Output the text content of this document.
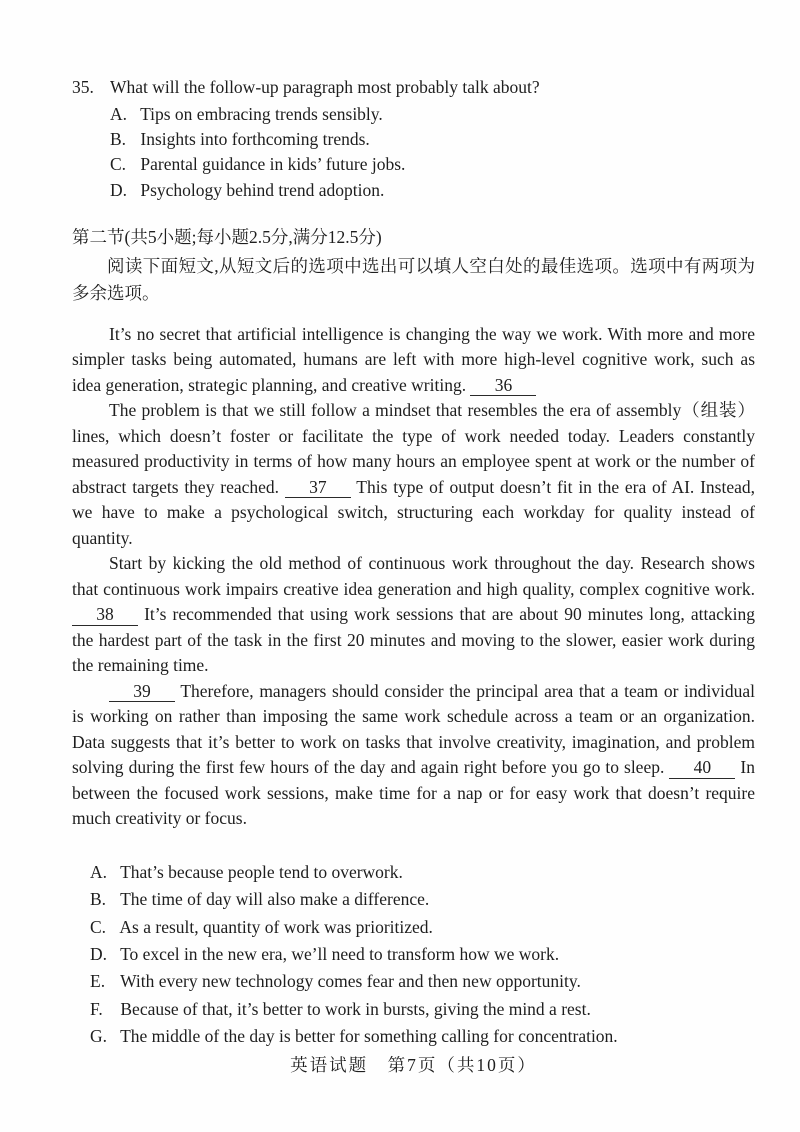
35. What will the follow-up paragraph most probably talk about?
A. Tips on embracing trends sensibly.
B. Insights into forthcoming trends.
C. Parental guidance in kids’ future jobs.
D. Psychology behind trend adoption.

第二节(共5小题;每小题2.5分,满分12.5分)

阅读下面短文,从短文后的选项中选出可以填人空白处的最佳选项。选项中有两项为多余选项。

It’s no secret that artificial intelligence is changing the way we work. With more and more simpler tasks being automated, humans are left with more high-level cognitive work, such as idea generation, strategic planning, and creative writing. 36

The problem is that we still follow a mindset that resembles the era of assembly（组装）lines, which doesn’t foster or facilitate the type of work needed today. Leaders constantly measured productivity in terms of how many hours an employee spent at work or the number of abstract targets they reached. 37 This type of output doesn’t fit in the era of AI. Instead, we have to make a psychological switch, structuring each workday for quality instead of quantity.

Start by kicking the old method of continuous work throughout the day. Research shows that continuous work impairs creative idea generation and high quality, complex cognitive work. 38 It’s recommended that using work sessions that are about 90 minutes long, attacking the hardest part of the task in the first 20 minutes and moving to the slower, easier work during the remaining time.

39 Therefore, managers should consider the principal area that a team or individual is working on rather than imposing the same work schedule across a team or an organization. Data suggests that it’s better to work on tasks that involve creativity, imagination, and problem solving during the first few hours of the day and again right before you go to sleep. 40 In between the focused work sessions, make time for a nap or for easy work that doesn’t require much creativity or focus.

A. That’s because people tend to overwork.
B. The time of day will also make a difference.
C. As a result, quantity of work was prioritized.
D. To excel in the new era, we’ll need to transform how we work.
E. With every new technology comes fear and then new opportunity.
F. Because of that, it’s better to work in bursts, giving the mind a rest.
G. The middle of the day is better for something calling for concentration.
英语试题　第7页（共10页）
